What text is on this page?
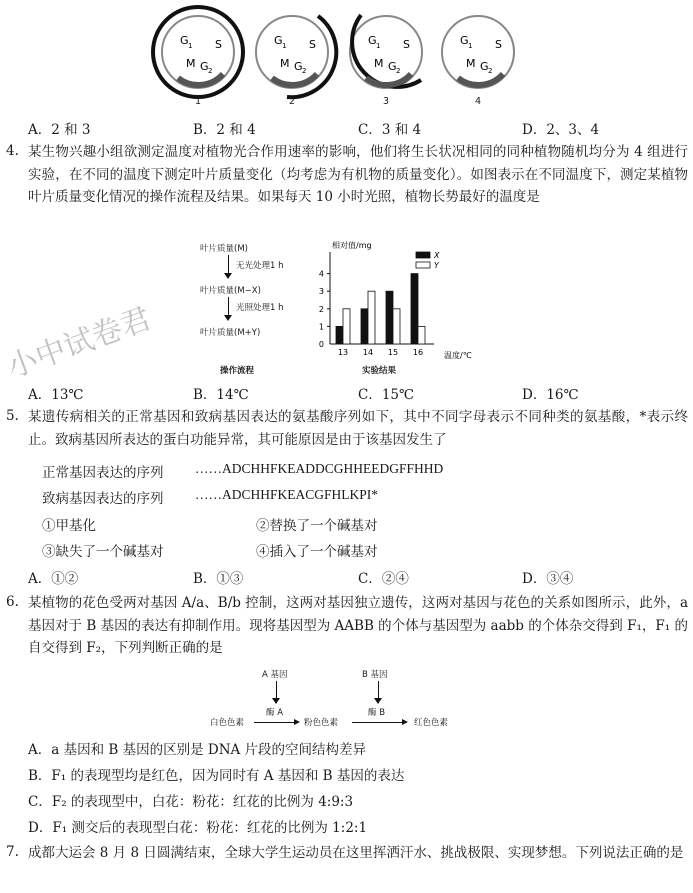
G 1 S
M G 2
G 1 S
M G 2
G 1 S
M G 2
G 1 S
M G 2
1	2	3	4
A．2 和 3	B．2 和 4	C．3 和 4	D．2、3、4
4. 某生物兴趣小组欲测定温度对植物光合作用速率的影响，他们将生长状况相同的同种植物随机均分为 4 组进行实验，在不同的温度下测定叶片质量变化（均考虑为有机物的质量变化）。如图表示在不同温度下，测定某植物叶片质量变化情况的操作流程及结果。如果每天 10 小时光照，植物长势最好的温度是
叶片质量(M)
无光处理1 h
叶片质量(M−X)
光照处理1 h
叶片质量(M+Y)
操作流程
相对值/mg
温度/℃
1
2
3
4
0
13 14 15 16
X
Y
实验结果
A．13℃	B．14℃	C．15℃	D．16℃
5. 某遗传病相关的正常基因和致病基因表达的氨基酸序列如下，其中不同字母表示不同种类的氨基酸，*表示终止。致病基因所表达的蛋白功能异常，其可能原因是由于该基因发生了
正常基因表达的序列 ……ADCHHFKEADDCGHHEEDGFFHHD
致病基因表达的序列 ……ADCHHFKEACGFHLKPI*
①甲基化	②替换了一个碱基对
③缺失了一个碱基对	④插入了一个碱基对
A．①②	B．①③	C．②④	D．③④
6. 某植物的花色受两对基因 A/a、B/b 控制，这两对基因独立遗传，这两对基因与花色的关系如图所示，此外，a 基因对于 B 基因的表达有抑制作用。现将基因型为 AABB 的个体与基因型为 aabb 的个体杂交得到 F₁，F₁ 的自交得到 F₂，下列判断正确的是
A 基因	B 基因
白色色素
酶 A
粉色色素
酶 B
红色色素
A．a 基因和 B 基因的区别是 DNA 片段的空间结构差异
B．F₁ 的表现型均是红色，因为同时有 A 基因和 B 基因的表达
C．F₂ 的表现型中，白花：粉花：红花的比例为 4:9:3
D．F₁ 测交后的表现型白花：粉花：红花的比例为 1:2:1
7. 成都大运会 8 月 8 日圆满结束，全球大学生运动员在这里挥洒汗水、挑战极限、实现梦想。下列说法正确的是
小中试卷君
